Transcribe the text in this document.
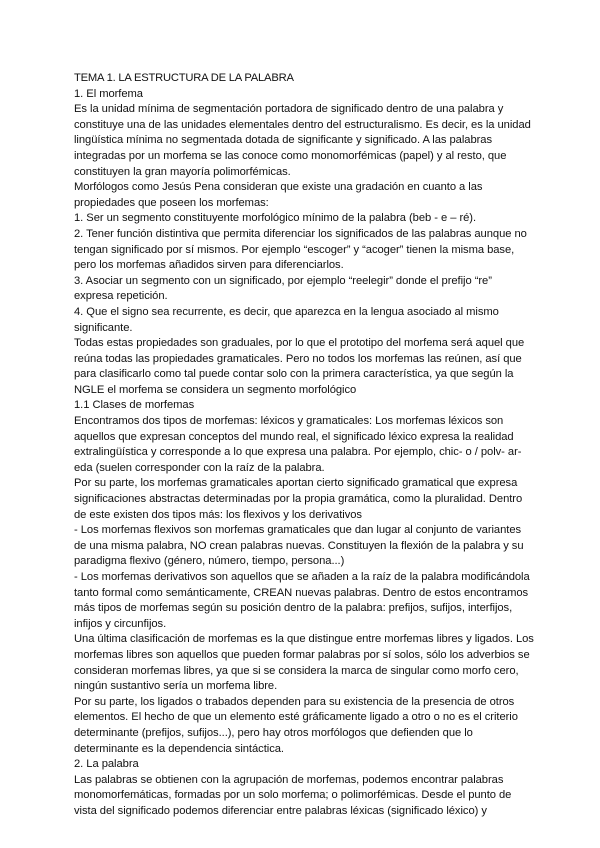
TEMA 1. LA ESTRUCTURA DE LA PALABRA

1. El morfema

Es la unidad mínima de segmentación portadora de significado dentro de una palabra y constituye una de las unidades elementales dentro del estructuralismo. Es decir, es la unidad lingüística mínima no segmentada dotada de significante y significado. A las palabras integradas por un morfema se las conoce como monomorfémicas (papel) y al resto, que constituyen la gran mayoría polimorfémicas.

Morfólogos como Jesús Pena consideran que existe una gradación en cuanto a las propiedades que poseen los morfemas:

1. Ser un segmento constituyente morfológico mínimo de la palabra (beb - e – ré).

2. Tener función distintiva que permita diferenciar los significados de las palabras aunque no tengan significado por sí mismos. Por ejemplo “escoger” y “acoger” tienen la misma base, pero los morfemas añadidos sirven para diferenciarlos.

3. Asociar un segmento con un significado, por ejemplo “reelegir” donde el prefijo “re” expresa repetición.

4. Que el signo sea recurrente, es decir, que aparezca en la lengua asociado al mismo significante.

Todas estas propiedades son graduales, por lo que el prototipo del morfema será aquel que reúna todas las propiedades gramaticales. Pero no todos los morfemas las reúnen, así que para clasificarlo como tal puede contar solo con la primera característica, ya que según la NGLE el morfema se considera un segmento morfológico

1.1 Clases de morfemas

Encontramos dos tipos de morfemas: léxicos y gramaticales: Los morfemas léxicos son aquellos que expresan conceptos del mundo real, el significado léxico expresa la realidad extralingüística y corresponde a lo que expresa una palabra. Por ejemplo, chic- o / polv- ar- eda (suelen corresponder con la raíz de la palabra.

Por su parte, los morfemas gramaticales aportan cierto significado gramatical que expresa significaciones abstractas determinadas por la propia gramática, como la pluralidad. Dentro de este existen dos tipos más: los flexivos y los derivativos

- Los morfemas flexivos son morfemas gramaticales que dan lugar al conjunto de variantes de una misma palabra, NO crean palabras nuevas. Constituyen la flexión de la palabra y su paradigma flexivo (género, número, tiempo, persona...)

- Los morfemas derivativos son aquellos que se añaden a la raíz de la palabra modificándola tanto formal como semánticamente, CREAN nuevas palabras. Dentro de estos encontramos más tipos de morfemas según su posición dentro de la palabra: prefijos, sufijos, interfijos, infijos y circunfijos.

Una última clasificación de morfemas es la que distingue entre morfemas libres y ligados. Los morfemas libres son aquellos que pueden formar palabras por sí solos, sólo los adverbios se consideran morfemas libres, ya que si se considera la marca de singular como morfo cero, ningún sustantivo sería un morfema libre.

Por su parte, los ligados o trabados dependen para su existencia de la presencia de otros elementos. El hecho de que un elemento esté gráficamente ligado a otro o no es el criterio determinante (prefijos, sufijos...), pero hay otros morfólogos que defienden que lo determinante es la dependencia sintáctica.

2. La palabra

Las palabras se obtienen con la agrupación de morfemas, podemos encontrar palabras monomorfemáticas, formadas por un solo morfema; o polimorfémicas. Desde el punto de vista del significado podemos diferenciar entre palabras léxicas (significado léxico) y
